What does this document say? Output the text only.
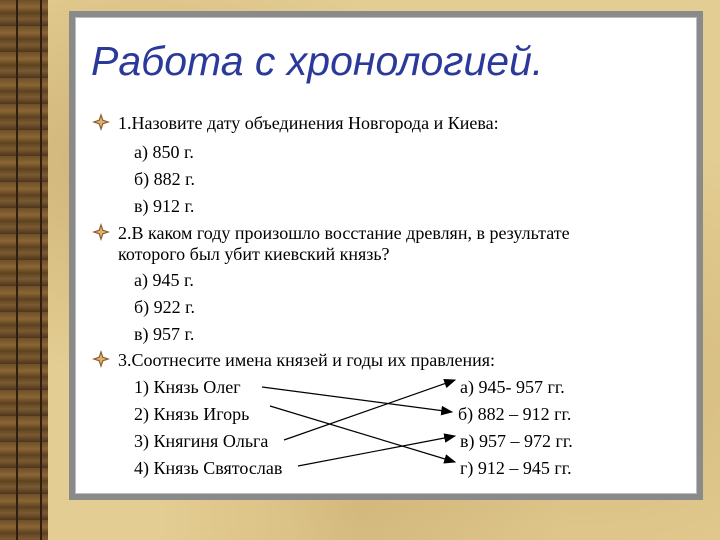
Работа с хронологией.
1.Назовите дату объединения Новгорода и Киева:
а) 850 г.
б) 882 г.
в) 912 г.
2.В каком году произошло восстание древлян, в результате
которого был убит киевский князь?
а) 945 г.
б) 922 г.
в) 957 г.
3.Соотнесите имена князей и годы их правления:
1) Князь Олег
2) Князь Игорь
3) Княгиня Ольга
4) Князь Святослав
а) 945- 957 гг.
б) 882 – 912 гг.
в) 957 – 972 гг.
г) 912 – 945 гг.
